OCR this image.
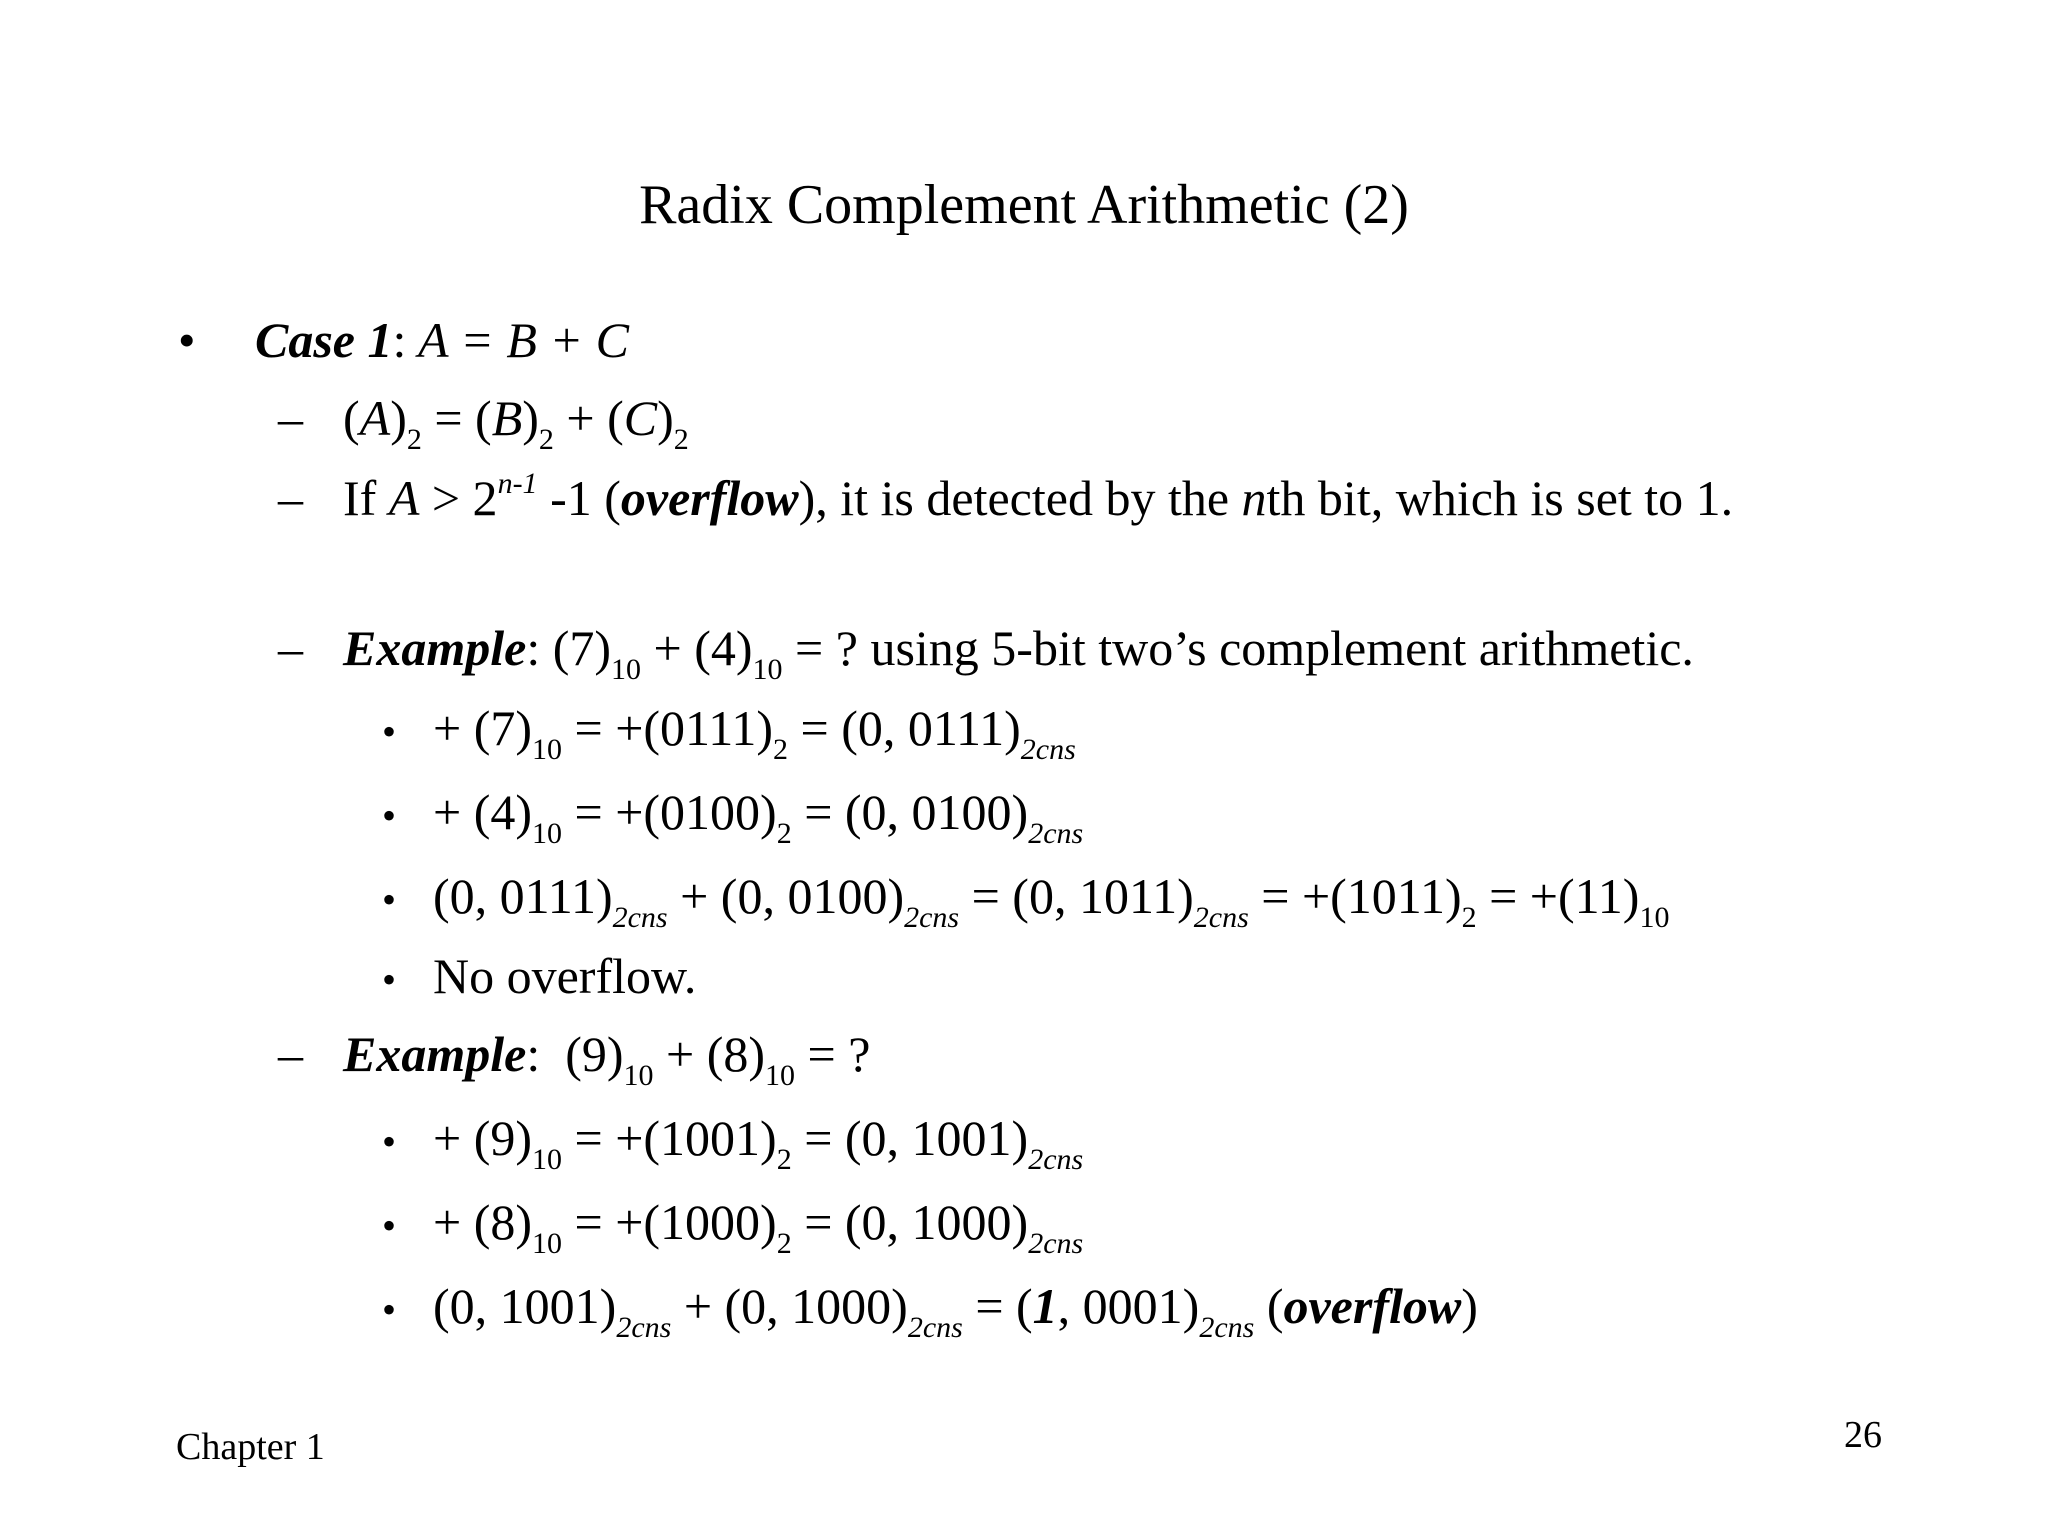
Radix Complement Arithmetic (2)
• Case 1: A = B + C
– $(A)_2 = (B)_2 + (C)_2$
– If $A > 2^{n-1}$ -1 (overflow), it is detected by the nth bit, which is set to 1.
– Example: $(7)_{10} + (4)_{10}$ = ? using 5-bit two’s complement arithmetic.
• + $(7)_{10} = +(0111)_2 = (0$, $0111)_{2cns}$
• + $(4)_{10} = +(0100)_2 = (0$, $0100)_{2cns}$
• (0, $0111)_{2cns} + (0$, $0100)_{2cns} = (0$, $1011)_{2cns} = +(1011)_2 = +(11)_{10}$
• No overflow.
– Example:  $(9)_{10} + (8)_{10}$ = ?
• + $(9)_{10} = +(1001)_2 = (0$, $1001)_{2cns}$
• + $(8)_{10} = +(1000)_2 = (0$, $1000)_{2cns}$
• (0, $1001)_{2cns} + (0$, $1000)_{2cns} = (1$, $0001)_{2cns}$ (overflow)
Chapter 1	26
